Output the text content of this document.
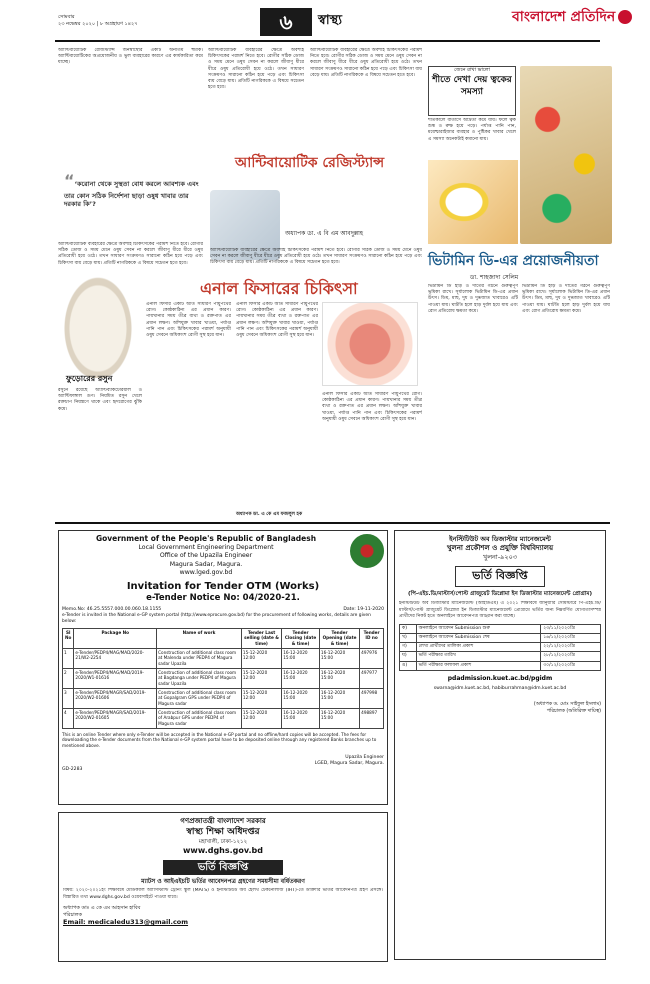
সোমবার
২৩ নভেম্বর ২০২০ | ৮ অগ্রহায়ণ ১৪২৭	৬	স্বাস্থ্য	বাংলাদেশ প্রতিদিন
অ্যান্টিবায়োটিক রেজিস্ট্যান্স জনস্বাস্থ্যের একটি অন্যতম হুমকি। অ্যান্টিবায়োটিকের অপ্রয়োজনীয় ও ভুল ব্যবহারের কারণে এর কার্যকারিতা কমে যাচ্ছে।
অ্যান্টিবায়োটিক ব্যবহারের ক্ষেত্রে অবশ্যই চিকিৎসকের পরামর্শ নিতে হবে। রোগীর সঠিক ডোজ ও সময় মেনে ওষুধ সেবন না করলে জীবাণু ধীরে ধীরে ওষুধ প্রতিরোধী হয়ে ওঠে। তখন সাধারণ সংক্রমণও সারানো কঠিন হয়ে পড়ে এবং চিকিৎসা ব্যয় বেড়ে যায়। প্রতিটি নাগরিককে এ বিষয়ে সচেতন হতে হবে।
অ্যান্টিবায়োটিক ব্যবহারের ক্ষেত্রে অবশ্যই চিকিৎসকের পরামর্শ নিতে হবে। রোগীর সঠিক ডোজ ও সময় মেনে ওষুধ সেবন না করলে জীবাণু ধীরে ধীরে ওষুধ প্রতিরোধী হয়ে ওঠে। তখন সাধারণ সংক্রমণও সারানো কঠিন হয়ে পড়ে এবং চিকিৎসা ব্যয় বেড়ে যায়। প্রতিটি নাগরিককে এ বিষয়ে সচেতন হতে হবে।
“‘করোনা থেকে সুস্থতা বোধ করলে আবশ্যক এবং তার কোন সঠিক নির্দেশনা ছাড়া ওষুধ খাবার তার দরকার কি’?
আন্টিবায়োটিক রেজিস্ট্যান্স
অধ্যাপক ডা. এ বি এম আবদুল্লাহ
অ্যান্টিবায়োটিক ব্যবহারের ক্ষেত্রে অবশ্যই চিকিৎসকের পরামর্শ নিতে হবে। রোগীর সঠিক ডোজ ও সময় মেনে ওষুধ সেবন না করলে জীবাণু ধীরে ধীরে ওষুধ প্রতিরোধী হয়ে ওঠে। তখন সাধারণ সংক্রমণও সারানো কঠিন হয়ে পড়ে এবং চিকিৎসা ব্যয় বেড়ে যায়। প্রতিটি নাগরিককে এ বিষয়ে সচেতন হতে হবে।
অ্যান্টিবায়োটিক ব্যবহারের ক্ষেত্রে অবশ্যই চিকিৎসকের পরামর্শ নিতে হবে। রোগীর সঠিক ডোজ ও সময় মেনে ওষুধ সেবন না করলে জীবাণু ধীরে ধীরে ওষুধ প্রতিরোধী হয়ে ওঠে। তখন সাধারণ সংক্রমণও সারানো কঠিন হয়ে পড়ে এবং চিকিৎসা ব্যয় বেড়ে যায়। প্রতিটি নাগরিককে এ বিষয়ে সচেতন হতে হবে।
জেনে রাখা ভালো
শীতে দেখা দেয় ত্বকের সমস্যা
শীতকালে বাতাসে আর্দ্রতা কমে যায়। ফলে ত্বক শুষ্ক ও রুক্ষ হয়ে পড়ে। পর্যাপ্ত পানি পান, ময়েশ্চারাইজার ব্যবহার ও পুষ্টিকর খাবার খেলে এ সমস্যা অনেকটাই কমানো যায়।
ভিটামিন ডি-এর প্রয়োজনীয়তা
ডা. শাহজাদা সেলিম
ভিটামিন ডি হাড় ও দাঁতের গঠনে গুরুত্বপূর্ণ ভূমিকা রাখে। সূর্যালোক ভিটামিন ডি-এর প্রধান উৎস। ডিম, মাছ, দুধ ও দুগ্ধজাত খাবারেও এটি পাওয়া যায়। ঘাটতি হলে হাড় দুর্বল হয়ে যায় এবং রোগ প্রতিরোধ ক্ষমতা কমে।
ভিটামিন ডি হাড় ও দাঁতের গঠনে গুরুত্বপূর্ণ ভূমিকা রাখে। সূর্যালোক ভিটামিন ডি-এর প্রধান উৎস। ডিম, মাছ, দুধ ও দুগ্ধজাত খাবারেও এটি পাওয়া যায়। ঘাটতি হলে হাড় দুর্বল হয়ে যায় এবং রোগ প্রতিরোধ ক্ষমতা কমে।
এনাল ফিসারের চিকিৎসা
এনাল ফিসার একটি অতি সাধারণ পায়ুপথের রোগ। কোষ্ঠকাঠিন্য এর প্রধান কারণ। পায়খানার সময় তীব্র ব্যথা ও রক্তপাত এর প্রধান লক্ষণ। আঁশযুক্ত খাবার খাওয়া, পর্যাপ্ত পানি পান এবং চিকিৎসকের পরামর্শ অনুযায়ী ওষুধ সেবনে অধিকাংশ রোগী সুস্থ হয়ে যান।
এনাল ফিসার একটি অতি সাধারণ পায়ুপথের রোগ। কোষ্ঠকাঠিন্য এর প্রধান কারণ। পায়খানার সময় তীব্র ব্যথা ও রক্তপাত এর প্রধান লক্ষণ। আঁশযুক্ত খাবার খাওয়া, পর্যাপ্ত পানি পান এবং চিকিৎসকের পরামর্শ অনুযায়ী ওষুধ সেবনে অধিকাংশ রোগী সুস্থ হয়ে যান।
এনাল ফিসার একটি অতি সাধারণ পায়ুপথের রোগ। কোষ্ঠকাঠিন্য এর প্রধান কারণ। পায়খানার সময় তীব্র ব্যথা ও রক্তপাত এর প্রধান লক্ষণ। আঁশযুক্ত খাবার খাওয়া, পর্যাপ্ত পানি পান এবং চিকিৎসকের পরামর্শ অনুযায়ী ওষুধ সেবনে অধিকাংশ রোগী সুস্থ হয়ে যান।
অধ্যাপক ডা. এ কে এম ফজলুল হক
ফুড়োরের রসুন
রসুনে রয়েছে অ্যান্টিব্যাকটেরিয়াল ও অ্যান্টিফাঙ্গাল গুণ। নিয়মিত রসুন খেলে রক্তচাপ নিয়ন্ত্রণে থাকে এবং হৃদরোগের ঝুঁকি কমে।
Government of the People's Republic of Bangladesh
Local Government Engineering Department
Office of the Upazila Engineer
Magura Sadar, Magura.
www.lged.gov.bd
Invitation for Tender OTM (Works)
e-Tender Notice No: 04/2020-21.
Memo.No: 46.25.5557.000.00.060.18.1155	Date: 19-11-2020
e-Tender is invited in the National e-GP system portal (http://www.eprocure.gov.bd) for the procurement of following works, details are given below:
Sl No	Package No	Name of work	Tender Last selling (date & time)	Tender Closing (date & time)	Tender Opening (date & time)	Tender ID no
1	e-Tender/PEDP4/MAG/MAD/2020-21/W2-2254	Construction of additional class room at Malenda under PEDP4 of Magura sadar Upazila	15-12-2020 12:00	16-12-2020 15:00	16-12-2020 15:00	497976
2	e-Tender/PEDP4/MAG/MAD/2019-2020/W1-01616	Construction of additional class room at Bagdanga under PEDP4 of Magura sadar Upazila	15-12-2020 12:00	16-12-2020 15:00	16-12-2020 15:00	497977
3	e-Tender/PEDP4/MAGR/SAD/2019-2020/W2-01606	Construction of additional class room at Gopalgram GPS under PEDP4 of Magura sadar	15-12-2020 12:00	16-12-2020 15:00	16-12-2020 15:00	497998
4	e-Tender/PEDP4/MAGR/SAD/2019-2020/W2-01605	Construction of additional class room of Arabpur GPS under PEDP4 of Magura sadar	15-12-2020 12:00	16-12-2020 15:00	16-12-2020 15:00	498897
This is an online Tender where only e-Tender will be accepted in the National e-GP portal and no offline/hard copies will be accepted. The fees for downloading the e-Tender documents from the National e-GP system portal have to be deposited online through any registered Banks branches up to mentioned above.
Upazila Engineer
LGED, Magura Sadar, Magura.
GD-2283
ইনস্টিটিউট অব ডিজাস্টার ম্যানেজমেন্ট
খুলনা প্রকৌশল ও প্রযুক্তি বিশ্ববিদ্যালয়
খুলনা-৯২০৩
ভর্তি বিজ্ঞপ্তি
(পি-এইচ.ডি/মাস্টার্স/পোস্ট গ্রাজুয়েট ডিপ্লোমা ইন ডিজাস্টার ম্যানেজমেন্ট প্রোগ্রাম)
ইনস্টিটিউট অব ডিজাস্টার ম্যানেজমেন্ট (আইডিএম) এ ২০২১ শিক্ষাবর্ষে জানুয়ারি সেমিস্টারে পি-এইচ.ডি/মাস্টার্স/পোস্ট গ্রাজুয়েট ডিপ্লোমা ইন ডিজাস্টার ম্যানেজমেন্ট প্রোগ্রামে ভর্তির জন্য নিম্নবর্ণিত যোগ্যতাসম্পন্ন প্রার্থীদের নিকট হতে অনলাইনে আবেদনপত্র আহ্বান করা যাচ্ছে।
ক)	অনলাইনে আবেদন Submission শুরু	২৩/১১/২০২০খ্রি
খ)	অনলাইনে আবেদন Submission শেষ	১৬/১২/২০২০খ্রি
গ)	লেখ্য প্রার্থীদের তালিকা প্রকাশ	২২/১২/২০২০খ্রি
ঘ)	ভর্তি পরীক্ষার তারিখ	২৮/১২/২০২০খ্রি
ঙ)	ভর্তি পরীক্ষার ফলাফল প্রকাশ	৩০/১২/২০২০খ্রি
pdadmission.kuet.ac.bd/pgidm
swarna@idm.kuet.ac.bd, habiburrahman@idm.kuet.ac.bd
(অধ্যাপক ড. মোঃ সাইফুল ইসলাম)
পরিচালক (অতিরিক্ত দায়িত্ব)
গণপ্রজাতন্ত্রী বাংলাদেশ সরকার
স্বাস্থ্য শিক্ষা অধিদপ্তর
মহাখালী, ঢাকা-১২১২
www.dghs.gov.bd
ভর্তি বিজ্ঞপ্তি
ম্যাটস ও আইএইচটি ভর্তির আবেদনপত্র গ্রহণের সময়সীমা বর্ধিতকরণ
বিষয়: ২০২০-২০২১ইং শিক্ষাবর্ষে মেডিক্যাল অ্যাসিস্ট্যান্ট ট্রেনিং স্কুল (MATS) ও ইনস্টিটিউট অব হেলথ টেকনোলজি (IHT)-তে ডাক্তারি ভর্তির আবেদনপত্র গ্রহণ প্রসঙ্গে। বিস্তারিত তথ্য www.dghs.gov.bd ওয়েবসাইটে পাওয়া যাবে।
অধ্যাপক ডাঃ এ কে এম আহসান হাবিব
পরিচালক
Email: medicaledu313@gmail.com
